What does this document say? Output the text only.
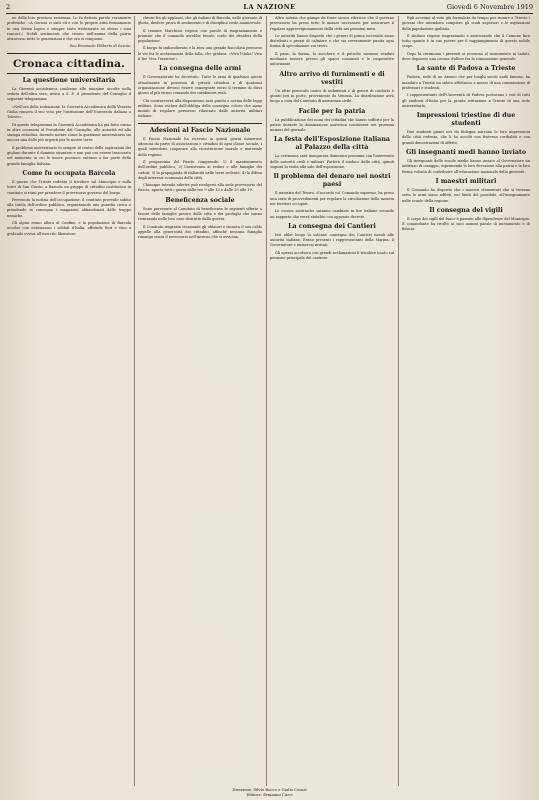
2	LA NAZIONE	Giovedì 6 Novembre 1919

ne della loro preziosa esistenza. Lo fu dettato parole veramente profetiche: «A Gorizia ci sarà ed è con le proprie armi fermamente in una forma logica e sempre stato tristemente su stesso i suoi rancori.» Nobili sentimenti che vivono nell'anima della patria attraverso tutte le generazioni e che ora si compiono.

Suo Emanuele Filiberto di Savoia.
Cronaca cittadina.
La questione universitaria

La Giovenù accademica conforme alle massime accolte nella seduta dell'altra sera, invita a S. E. il presidente del Consiglio il seguente telegramma:

«Nell'ora della redenzione, la Gioventù Accademica della Venezia Giulia rinnova il suo voto per l'istituzione dell'Università italiana a Trieste».

Di questo telegramma la Gioventù Accademica ha già fatto cenno in altre occasioni al Presidente del Consiglio, alle autorità ed alla stampa cittadina, facendo notare come la questione universitaria sia ancora una delle più urgenti per le nostre terre.

Il problema universitario fu sempre al centro delle aspirazioni dei giuliani durante il dominio straniero e non può ora essere trascurato nel momento in cui le nuove province entrano a far parte della grande famiglia italiana.

Come fu occupata Barcola

Il giorno che Trieste redenta il tricolore sul Municipio e sulla torre di San Giusto, a Barcola un gruppo di cittadini costituitosi in comitato si riunì per prendere il provvisorio governo del borgo.

Pervenuta la notizia dell'occupazione, il comitato provvide subito alla tutela dell'ordine pubblico, organizzando una guardia civica e prendendo in consegna i magazzini abbandonati dalle truppe nemiche.

Gli alpini erano allora al Confine, e la popolazione di Barcola accolse con entusiasmo i soldati d'Italia, offrendo fiori e vino e gridando evviva all'esercito liberatore.

chiuse fra gli applausi, che gli italiani di Barcola, nelle giornate di gloria, diedero prova di sentimento e di disciplina civile ammirevole.

Il tenente Marchiori rispose con parole di ringraziamento e promise che il comando avrebbe tenuto conto dei desideri della popolazione.

Il borgo fu imbandierato e la sera una grande fiaccolata percorse le vie fra le acclamazioni della folla, che gridava: «Viva l'Italia! Viva il Re! Viva l'esercito!»

La consegna delle armi

Il Governatorato ha decretato: Tutte le armi di qualsiasi specie attualmente in possesso di privati cittadini e di qualsiasi organizzazione devono essere consegnate entro il termine di dieci giorni al più vicino comando dei carabinieri reali.

Chi contravverrà alla disposizione sarà punito a norma delle leggi militari. Sono esclusi dall'obbligo della consegna coloro che siano muniti di regolare permesso rilasciato dalle autorità militari italiane.

Adesioni al Fascio Nazionale

Il Fascio Nazionale ha ricevuto in questi giorni numerose adesioni da parte di associazioni e cittadini di ogni classe sociale, i quali intendono cooperare alla ricostruzione morale e materiale della regione.

Il programma del Fascio comprende: 1) il mantenimento dell'ordine pubblico; 2) l'assistenza ai reduci e alle famiglie dei caduti; 3) la propaganda di italianità nelle terre redente; 4) la difesa degli interessi economici della città.

Chiunque intenda aderire può rivolgersi alla sede provvisoria del Fascio, aperta tutti i giorni dalle ore 9 alle 12 e dalle 15 alle 19.

Beneficenza sociale

Sono pervenute al Comitato di beneficenza le seguenti offerte a favore delle famiglie povere della città e dei profughi che vanno rientrando nelle loro case distrutte dalla guerra.

Il Comitato ringrazia vivamente gli oblatori e rinnova il suo caldo appello alla generosità dei cittadini, affinché nessuna famiglia rimanga senza il necessario nell'inverno che si avvicina.

Altra notizia che giunge da fonte sicura riferisce che il governo provvisorio ha preso tutte le misure necessarie per assicurare il regolare approvvigionamento della città nei prossimi mesi.

Le autorità hanno disposto che i generi di prima necessità siano distribuiti a prezzi di calmiere e che sia severamente punita ogni forma di speculazione sui viveri.

Il pane, la farina, lo zucchero e il petrolio saranno venduti mediante tessera presso gli spacci comunali e le cooperative autorizzate.

Altro arrivo di furnimenti e di vestiti

Un altro piroscafo carico di indumenti e di generi di conforto è giunto ieri in porto, proveniente da Venezia. La distribuzione avrà luogo a cura del Comitato di assistenza civile.

Facile per la patria

La pubblicazione dei nomi dei cittadini che hanno sofferto per la patria durante la dominazione austriaca continuerà nei prossimi numeri del giornale.

La festa dell'Esposizione italiana al Palazzo della città

La cerimonia sarà inaugurata domenica prossima con l'intervento delle autorità civili e militari. Parlerà il sindaco della città, quindi seguirà la visita alle sale dell'esposizione.

Il problema del denaro nei nostri paesi

Il ministro del Tesoro, d'accordo col Comando supremo, ha preso una serie di provvedimenti per regolare la circolazione della moneta nei territori occupati.

Le corone austriache saranno cambiate in lire italiane secondo un rapporto che verrà stabilito con apposito decreto.

La consegna dei Cantieri

Ieri ebbe luogo la solenne consegna dei Cantieri navali alle autorità italiane. Erano presenti i rappresentanti della Marina, il Governatore e numerosi invitati.

Gli operai accolsero con grandi acclamazioni il tricolore issato sul pennone principale del cantiere.

Egli accennò al voto già formulato da tempo per riunire a Trieste i giovani che intendono compiere gli studi superiori e le aspirazioni della popolazione giuliana.

Il sindaco rispose ringraziando e assicurando che il Comune farà tutto quanto è in suo potere per il raggiungimento di questo nobile scopo.

Dopo la cerimonia i presenti si recarono al monumento ai caduti, dove deposero una corona d'alloro fra la commozione generale.

La sante di Padova a Trieste

Padova, sede di un Ateneo che per lunghi secoli andò famoso, ha mandato a Trieste un saluto affettuoso a mezzo di una commissione di professori e studenti.

I rappresentanti dell'Università di Padova portavano i voti di tutti gli studenti d'Italia per la pronta istituzione a Trieste di una sede universitaria.

Impressioni triestine di due studenti

Due studenti giunti ieri da Bologna narrano le loro impressioni della città redenta, che li ha accolti con fraterna cordialità e con grandi dimostrazioni di affetto.

Gli insegnanti medi hanno inviato

Gli insegnanti delle scuole medie hanno inviato al Governatore un indirizzo di omaggio, esprimendo la loro devozione alla patria e la loro ferma volontà di contribuire all'educazione nazionale della gioventù.

I maestri militari

Il Comando ha disposto che i maestri elementari che si trovano sotto le armi siano adibiti, nei limiti del possibile, all'insegnamento nelle scuole della regione.

Il consegna del vigili

Il corpo dei vigili del fuoco è passato alle dipendenze del Municipio. Il comandante ha rivolto ai suoi uomini parole di incitamento e di fiducia.

Direzione: Silvio Bocco e Giulio Cesari
Editore: Ermanno Curci
